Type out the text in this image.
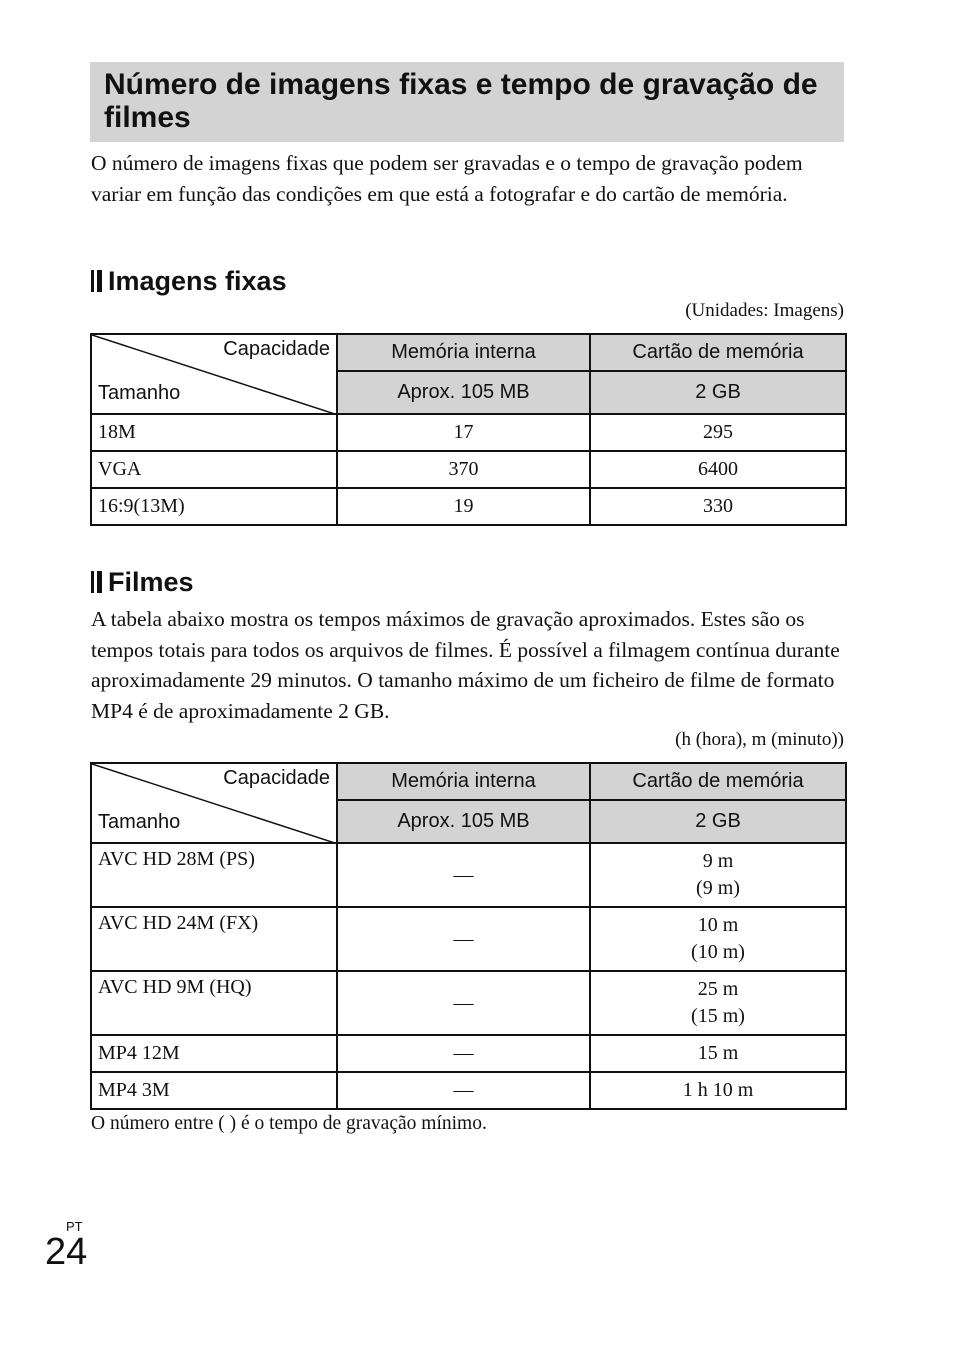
Número de imagens fixas e tempo de gravação de filmes

O número de imagens fixas que podem ser gravadas e o tempo de gravação podem variar em função das condições em que está a fotografar e do cartão de memória.

Imagens fixas
(Unidades: Imagens)
Capacidade
Tamanho	Memória interna	Cartão de memória
	Aprox. 105 MB	2 GB
18M	17	295
VGA	370	6400
16:9(13M)	19	330
Filmes

A tabela abaixo mostra os tempos máximos de gravação aproximados. Estes são os tempos totais para todos os arquivos de filmes. É possível a filmagem contínua durante aproximadamente 29 minutos. O tamanho máximo de um ficheiro de filme de formato MP4 é de aproximadamente 2 GB.

(h (hora), m (minuto))
Capacidade
Tamanho	Memória interna	Cartão de memória
	Aprox. 105 MB	2 GB
AVC HD 28M (PS)	—	9 m
(9 m)

AVC HD 24M (FX)	—	10 m
(10 m)

AVC HD 9M (HQ)	—	25 m
(15 m)

MP4 12M	—	15 m
MP4 3M	—	1 h 10 m
O número entre ( ) é o tempo de gravação mínimo.
PT
24
